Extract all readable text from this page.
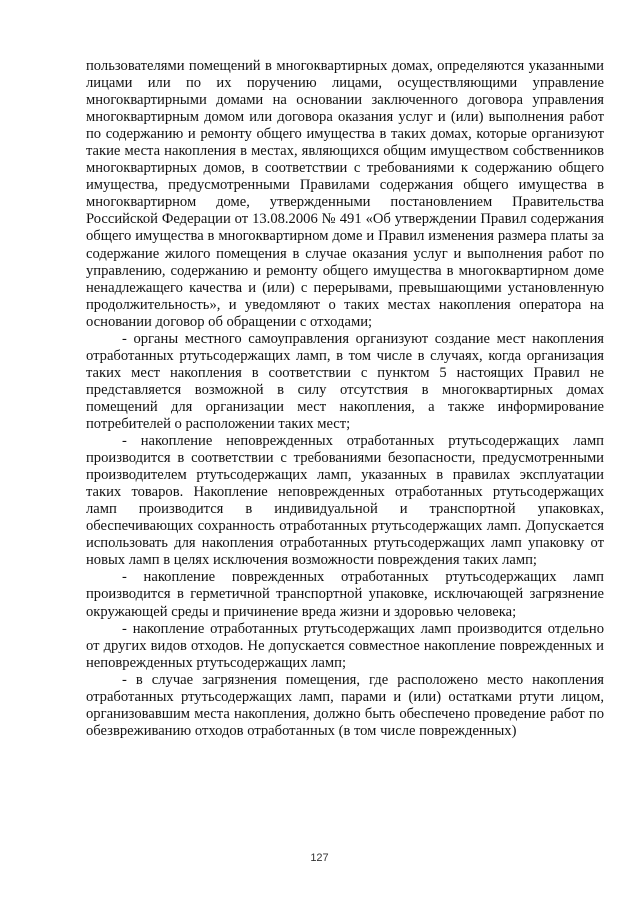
пользователями помещений в многоквартирных домах, определяются указанными лицами или по их поручению лицами, осуществляющими управление многоквартирными домами на основании заключенного договора управления многоквартирным домом или договора оказания услуг и (или) выполнения работ по содержанию и ремонту общего имущества в таких домах, которые организуют такие места накопления в местах, являющихся общим имуществом собственников многоквартирных домов, в соответствии с требованиями к содержанию общего имущества, предусмотренными Правилами содержания общего имущества в многоквартирном доме, утвержденными постановлением Правительства Российской Федерации от 13.08.2006 № 491 «Об утверждении Правил содержания общего имущества в многоквартирном доме и Правил изменения размера платы за содержание жилого помещения в случае оказания услуг и выполнения работ по управлению, содержанию и ремонту общего имущества в многоквартирном доме ненадлежащего качества и (или) с перерывами, превышающими установленную продолжительность», и уведомляют о таких местах накопления оператора на основании договор об обращении с отходами;

- органы местного самоуправления организуют создание мест накопления отработанных ртутьсодержащих ламп, в том числе в случаях, когда организация таких мест накопления в соответствии с пунктом 5 настоящих Правил не представляется возможной в силу отсутствия в многоквартирных домах помещений для организации мест накопления, а также информирование потребителей о расположении таких мест;

- накопление неповрежденных отработанных ртутьсодержащих ламп производится в соответствии с требованиями безопасности, предусмотренными производителем ртутьсодержащих ламп, указанных в правилах эксплуатации таких товаров. Накопление неповрежденных отработанных ртутьсодержащих ламп производится в индивидуальной и транспортной упаковках, обеспечивающих сохранность отработанных ртутьсодержащих ламп. Допускается использовать для накопления отработанных ртутьсодержащих ламп упаковку от новых ламп в целях исключения возможности повреждения таких ламп;

- накопление поврежденных отработанных ртутьсодержащих ламп производится в герметичной транспортной упаковке, исключающей загрязнение окружающей среды и причинение вреда жизни и здоровью человека;

- накопление отработанных ртутьсодержащих ламп производится отдельно от других видов отходов. Не допускается совместное накопление поврежденных и неповрежденных ртутьсодержащих ламп;

- в случае загрязнения помещения, где расположено место накопления отработанных ртутьсодержащих ламп, парами и (или) остатками ртути лицом, организовавшим места накопления, должно быть обеспечено проведение работ по обезвреживанию отходов отработанных (в том числе поврежденных)

127
